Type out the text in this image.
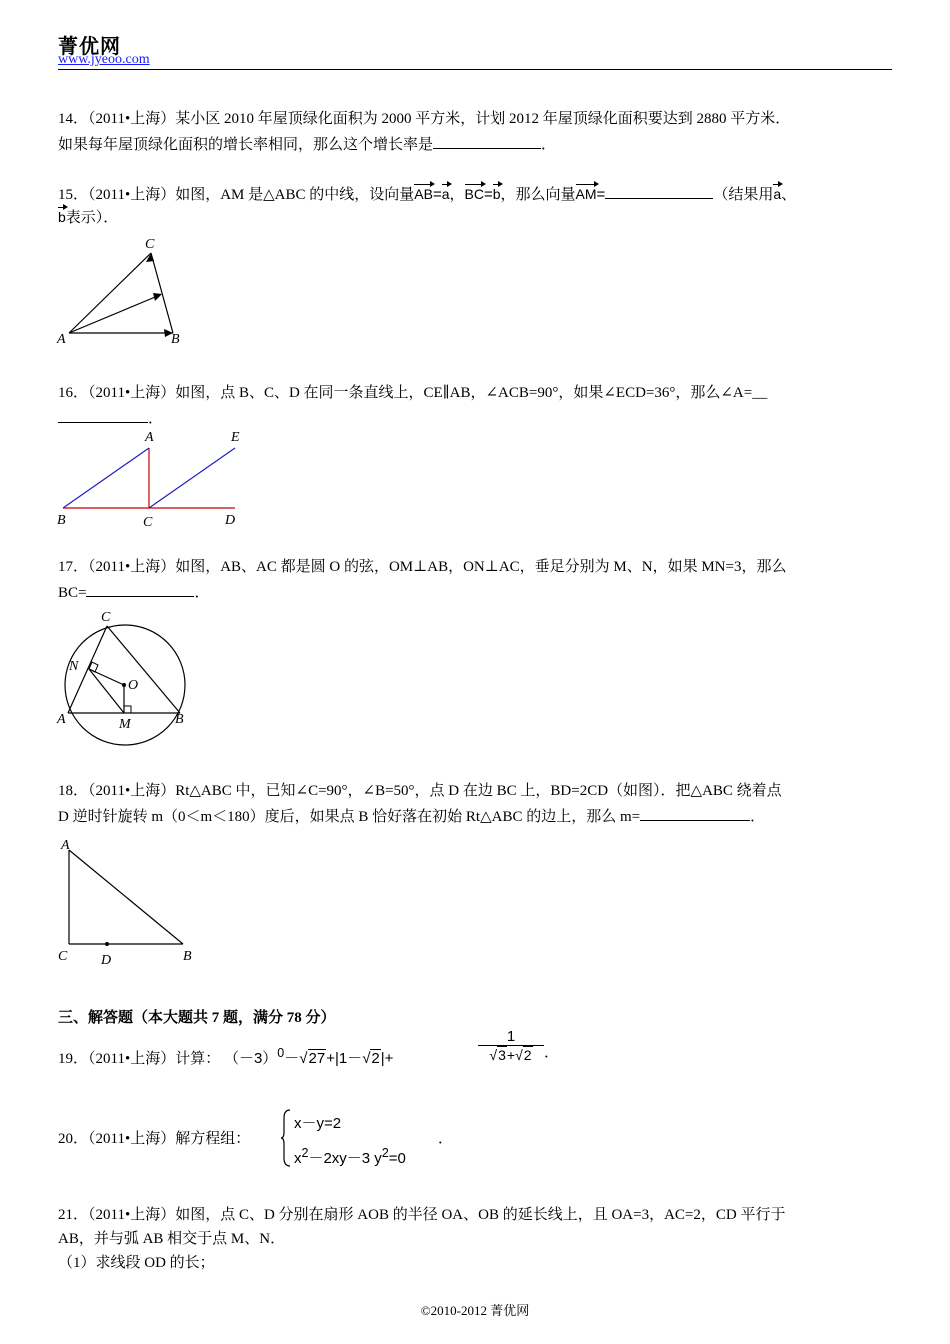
菁优网
www.jyeoo.com
14．（2011•上海）某小区 2010 年屋顶绿化面积为 2000 平方米，计划 2012 年屋顶绿化面积要达到 2880 平方米．
如果每年屋顶绿化面积的增长率相同，那么这个增长率是	．
15．（2011•上海）如图，AM 是△ABC 的中线，设向量AB=a，BC=b，那么向量AM=	（结果用a、
b表示）．
C
A	B
16．（2011•上海）如图，点 B、C、D 在同一条直线上，CE∥AB，∠ACB=90°，如果∠ECD=36°，那么∠A=__
．
A	E
B	C	D
17．（2011•上海）如图，AB、AC 都是圆 O 的弦，OM⊥AB，ON⊥AC，垂足分别为 M、N，如果 MN=3，那么
BC=	．
C
N
O
A	M	B
18．（2011•上海）Rt△ABC 中，已知∠C=90°，∠B=50°，点 D 在边 BC 上，BD=2CD（如图）．把△ABC 绕着点
D 逆时针旋转 m（0＜m＜180）度后，如果点 B 恰好落在初始 Rt△ABC 的边上，那么 m=	．
A
C D	B
三、解答题（本大题共 7 题，满分 78 分）
19．（2011•上海）计算： $(-3)^0-√27+|1-√2|+$	$\frac{1}{√3+√2}$ ．
20．（2011•上海）解方程组：
x－y=2
$x^2-2xy-3$ $y^2=0$
．
21．（2011•上海）如图，点 C、D 分别在扇形 AOB 的半径 OA、OB 的延长线上，且 OA=3，AC=2，CD 平行于
AB，并与弧 AB 相交于点 M、N．
（1）求线段 OD 的长；
©2010-2012 菁优网
